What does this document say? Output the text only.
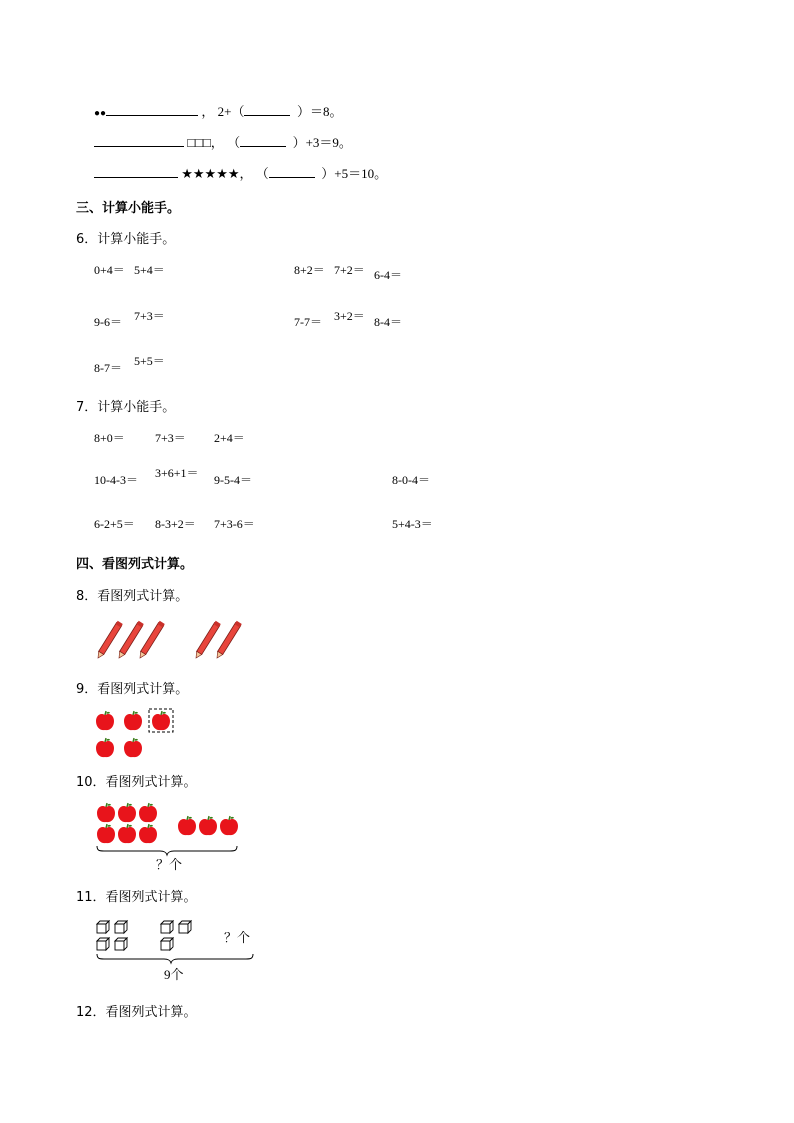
●●	， 2+（	）＝8。
□□□， （	）+3＝9。
★★★★★， （	）+5＝10。
三、计算小能手。
6．计算小能手。
0+4＝ 5+4＝	8+2＝ 7+2＝ 6-4＝
9-6＝ 7+3＝	7-7＝ 3+2＝ 8-4＝
8-7＝ 5+5＝
7．计算小能手。
8+0＝	7+3＝ 2+4＝
10-4-3＝ 3+6+1＝ 9-5-4＝	8-0-4＝
6-2+5＝ 8-3+2＝ 7+3-6＝	5+4-3＝
四、看图列式计算。
8．看图列式计算。
9．看图列式计算。
10．看图列式计算。
？个
11．看图列式计算。
？个
9个
12．看图列式计算。
